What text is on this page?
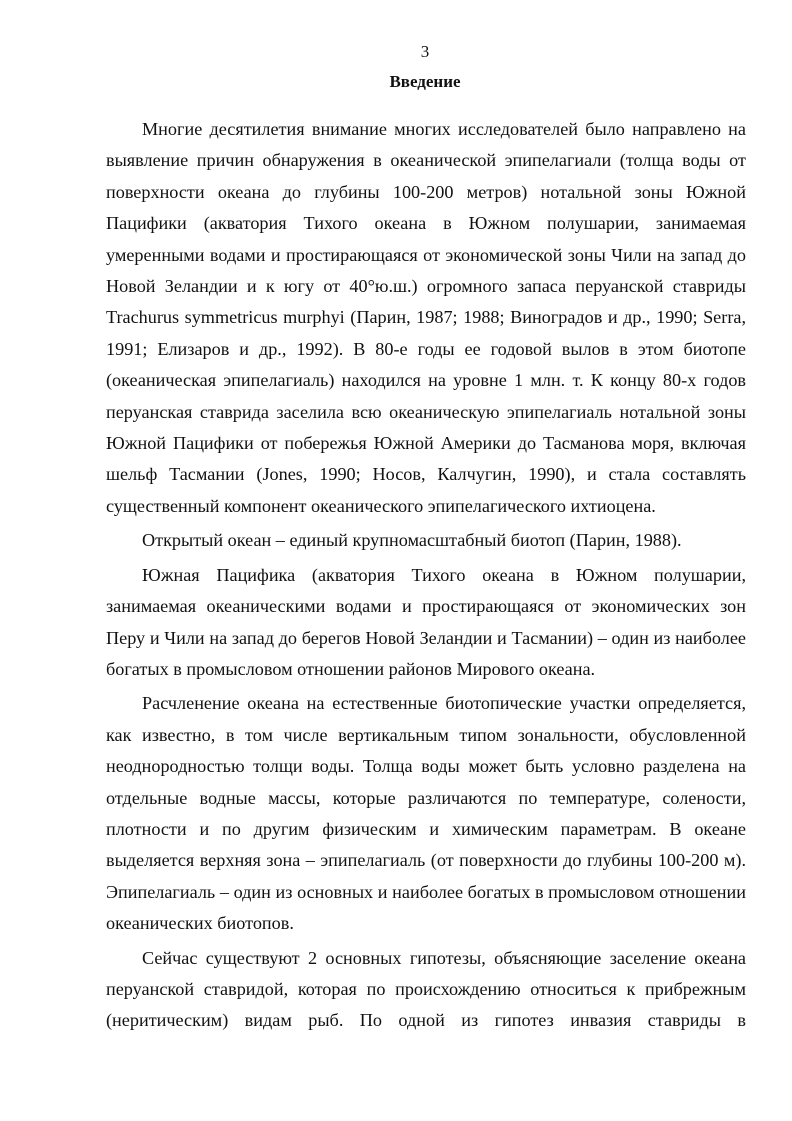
3
Введение

Многие десятилетия внимание многих исследователей было направлено на выявление причин обнаружения в океанической эпипелагиали (толща воды от поверхности океана до глубины 100-200 метров) нотальной зоны Южной Пацифики (акватория Тихого океана в Южном полушарии, занимаемая умеренными водами и простирающаяся от экономической зоны Чили на запад до Новой Зеландии и к югу от 40°ю.ш.) огромного запаса перуанской ставриды Trachurus symmetricus murphyi (Парин, 1987; 1988; Виноградов и др., 1990; Serra, 1991; Елизаров и др., 1992). В 80-е годы ее годовой вылов в этом биотопе (океаническая эпипелагиаль) находился на уровне 1 млн. т. К концу 80-х годов перуанская ставрида заселила всю океаническую эпипелагиаль нотальной зоны Южной Пацифики от побережья Южной Америки до Тасманова моря, включая шельф Тасмании (Jones, 1990; Носов, Калчугин, 1990), и стала составлять существенный компонент океанического эпипелагического ихтиоцена.

Открытый океан – единый крупномасштабный биотоп (Парин, 1988).

Южная Пацифика (акватория Тихого океана в Южном полушарии, занимаемая океаническими водами и простирающаяся от экономических зон Перу и Чили на запад до берегов Новой Зеландии и Тасмании) – один из наиболее богатых в промысловом отношении районов Мирового океана.

Расчленение океана на естественные биотопические участки определяется, как известно, в том числе вертикальным типом зональности, обусловленной неоднородностью толщи воды. Толща воды может быть условно разделена на отдельные водные массы, которые различаются по температуре, солености, плотности и по другим физическим и химическим параметрам. В океане выделяется верхняя зона – эпипелагиаль (от поверхности до глубины 100-200 м). Эпипелагиаль – один из основных и наиболее богатых в промысловом отношении океанических биотопов.

Сейчас существуют 2 основных гипотезы, объясняющие заселение океана перуанской ставридой, которая по происхождению относиться к прибрежным (неритическим) видам рыб. По одной из гипотез инвазия ставриды в
